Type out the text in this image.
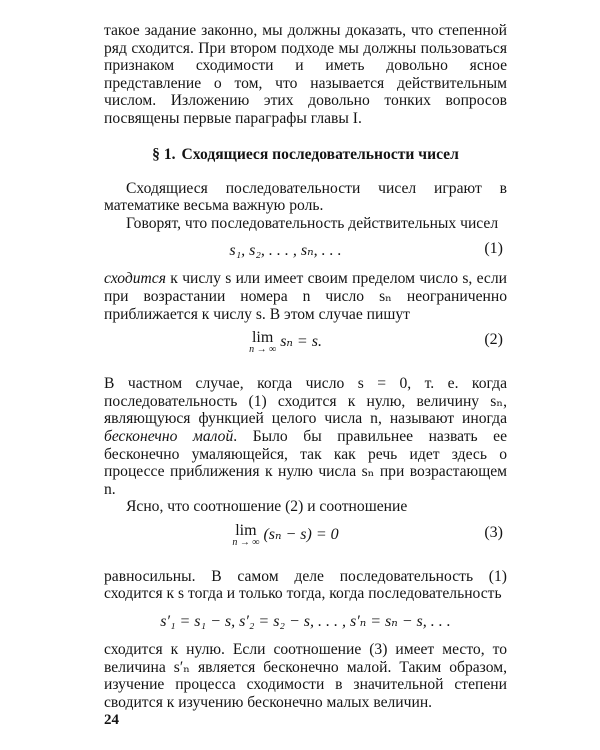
такое задание законно, мы должны доказать, что степенной ряд сходится. При втором подходе мы должны пользоваться признаком сходимости и иметь довольно ясное представление о том, что называется действительным числом. Изложению этих довольно тонких вопросов посвящены первые параграфы главы I.

§ 1. Сходящиеся последовательности чисел

Сходящиеся последовательности чисел играют в математике весьма важную роль.

Говорят, что последовательность действительных чисел

s₁, s₂, . . . , sₙ, . . .	(1)

сходится к числу s или имеет своим пределом число s, если при возрастании номера n число sₙ неограниченно приближается к числу s. В этом случае пишут

lim
n → ∞ sₙ = s.	(2)

В частном случае, когда число s = 0, т. е. когда последовательность (1) сходится к нулю, величину sₙ, являющуюся функцией целого числа n, называют иногда бесконечно малой. Было бы правильнее назвать ее бесконечно умаляющейся, так как речь идет здесь о процессе приближения к нулю числа sₙ при возрастающем n.

Ясно, что соотношение (2) и соотношение

lim
n → ∞ (sₙ − s) = 0	(3)

равносильны. В самом деле последовательность (1) сходится к s тогда и только тогда, когда последовательность

s′₁ = s₁ − s, s′₂ = s₂ − s, . . . , s′ₙ = sₙ − s, . . .

сходится к нулю. Если соотношение (3) имеет место, то величина s′ₙ является бесконечно малой. Таким образом, изучение процесса сходимости в значительной степени сводится к изучению бесконечно малых величин.

24
